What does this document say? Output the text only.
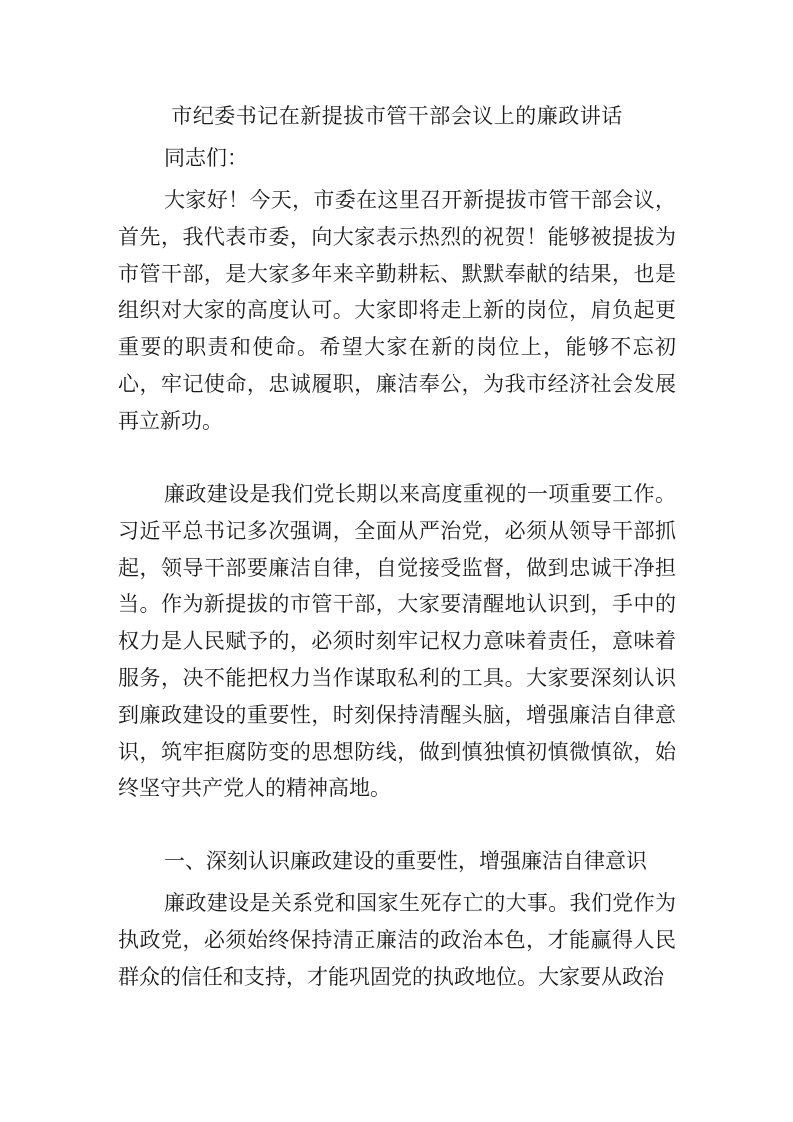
市纪委书记在新提拔市管干部会议上的廉政讲话
同志们：
大家好！今天，市委在这里召开新提拔市管干部会议，首先，我代表市委，向大家表示热烈的祝贺！能够被提拔为市管干部，是大家多年来辛勤耕耘、默默奉献的结果，也是组织对大家的高度认可。大家即将走上新的岗位，肩负起更重要的职责和使命。希望大家在新的岗位上，能够不忘初心，牢记使命，忠诚履职，廉洁奉公，为我市经济社会发展再立新功。
廉政建设是我们党长期以来高度重视的一项重要工作。习近平总书记多次强调，全面从严治党，必须从领导干部抓起，领导干部要廉洁自律，自觉接受监督，做到忠诚干净担当。作为新提拔的市管干部，大家要清醒地认识到，手中的权力是人民赋予的，必须时刻牢记权力意味着责任，意味着服务，决不能把权力当作谋取私利的工具。大家要深刻认识到廉政建设的重要性，时刻保持清醒头脑，增强廉洁自律意识，筑牢拒腐防变的思想防线，做到慎独慎初慎微慎欲，始终坚守共产党人的精神高地。
一、深刻认识廉政建设的重要性，增强廉洁自律意识
廉政建设是关系党和国家生死存亡的大事。我们党作为执政党，必须始终保持清正廉洁的政治本色，才能赢得人民群众的信任和支持，才能巩固党的执政地位。大家要从政治
